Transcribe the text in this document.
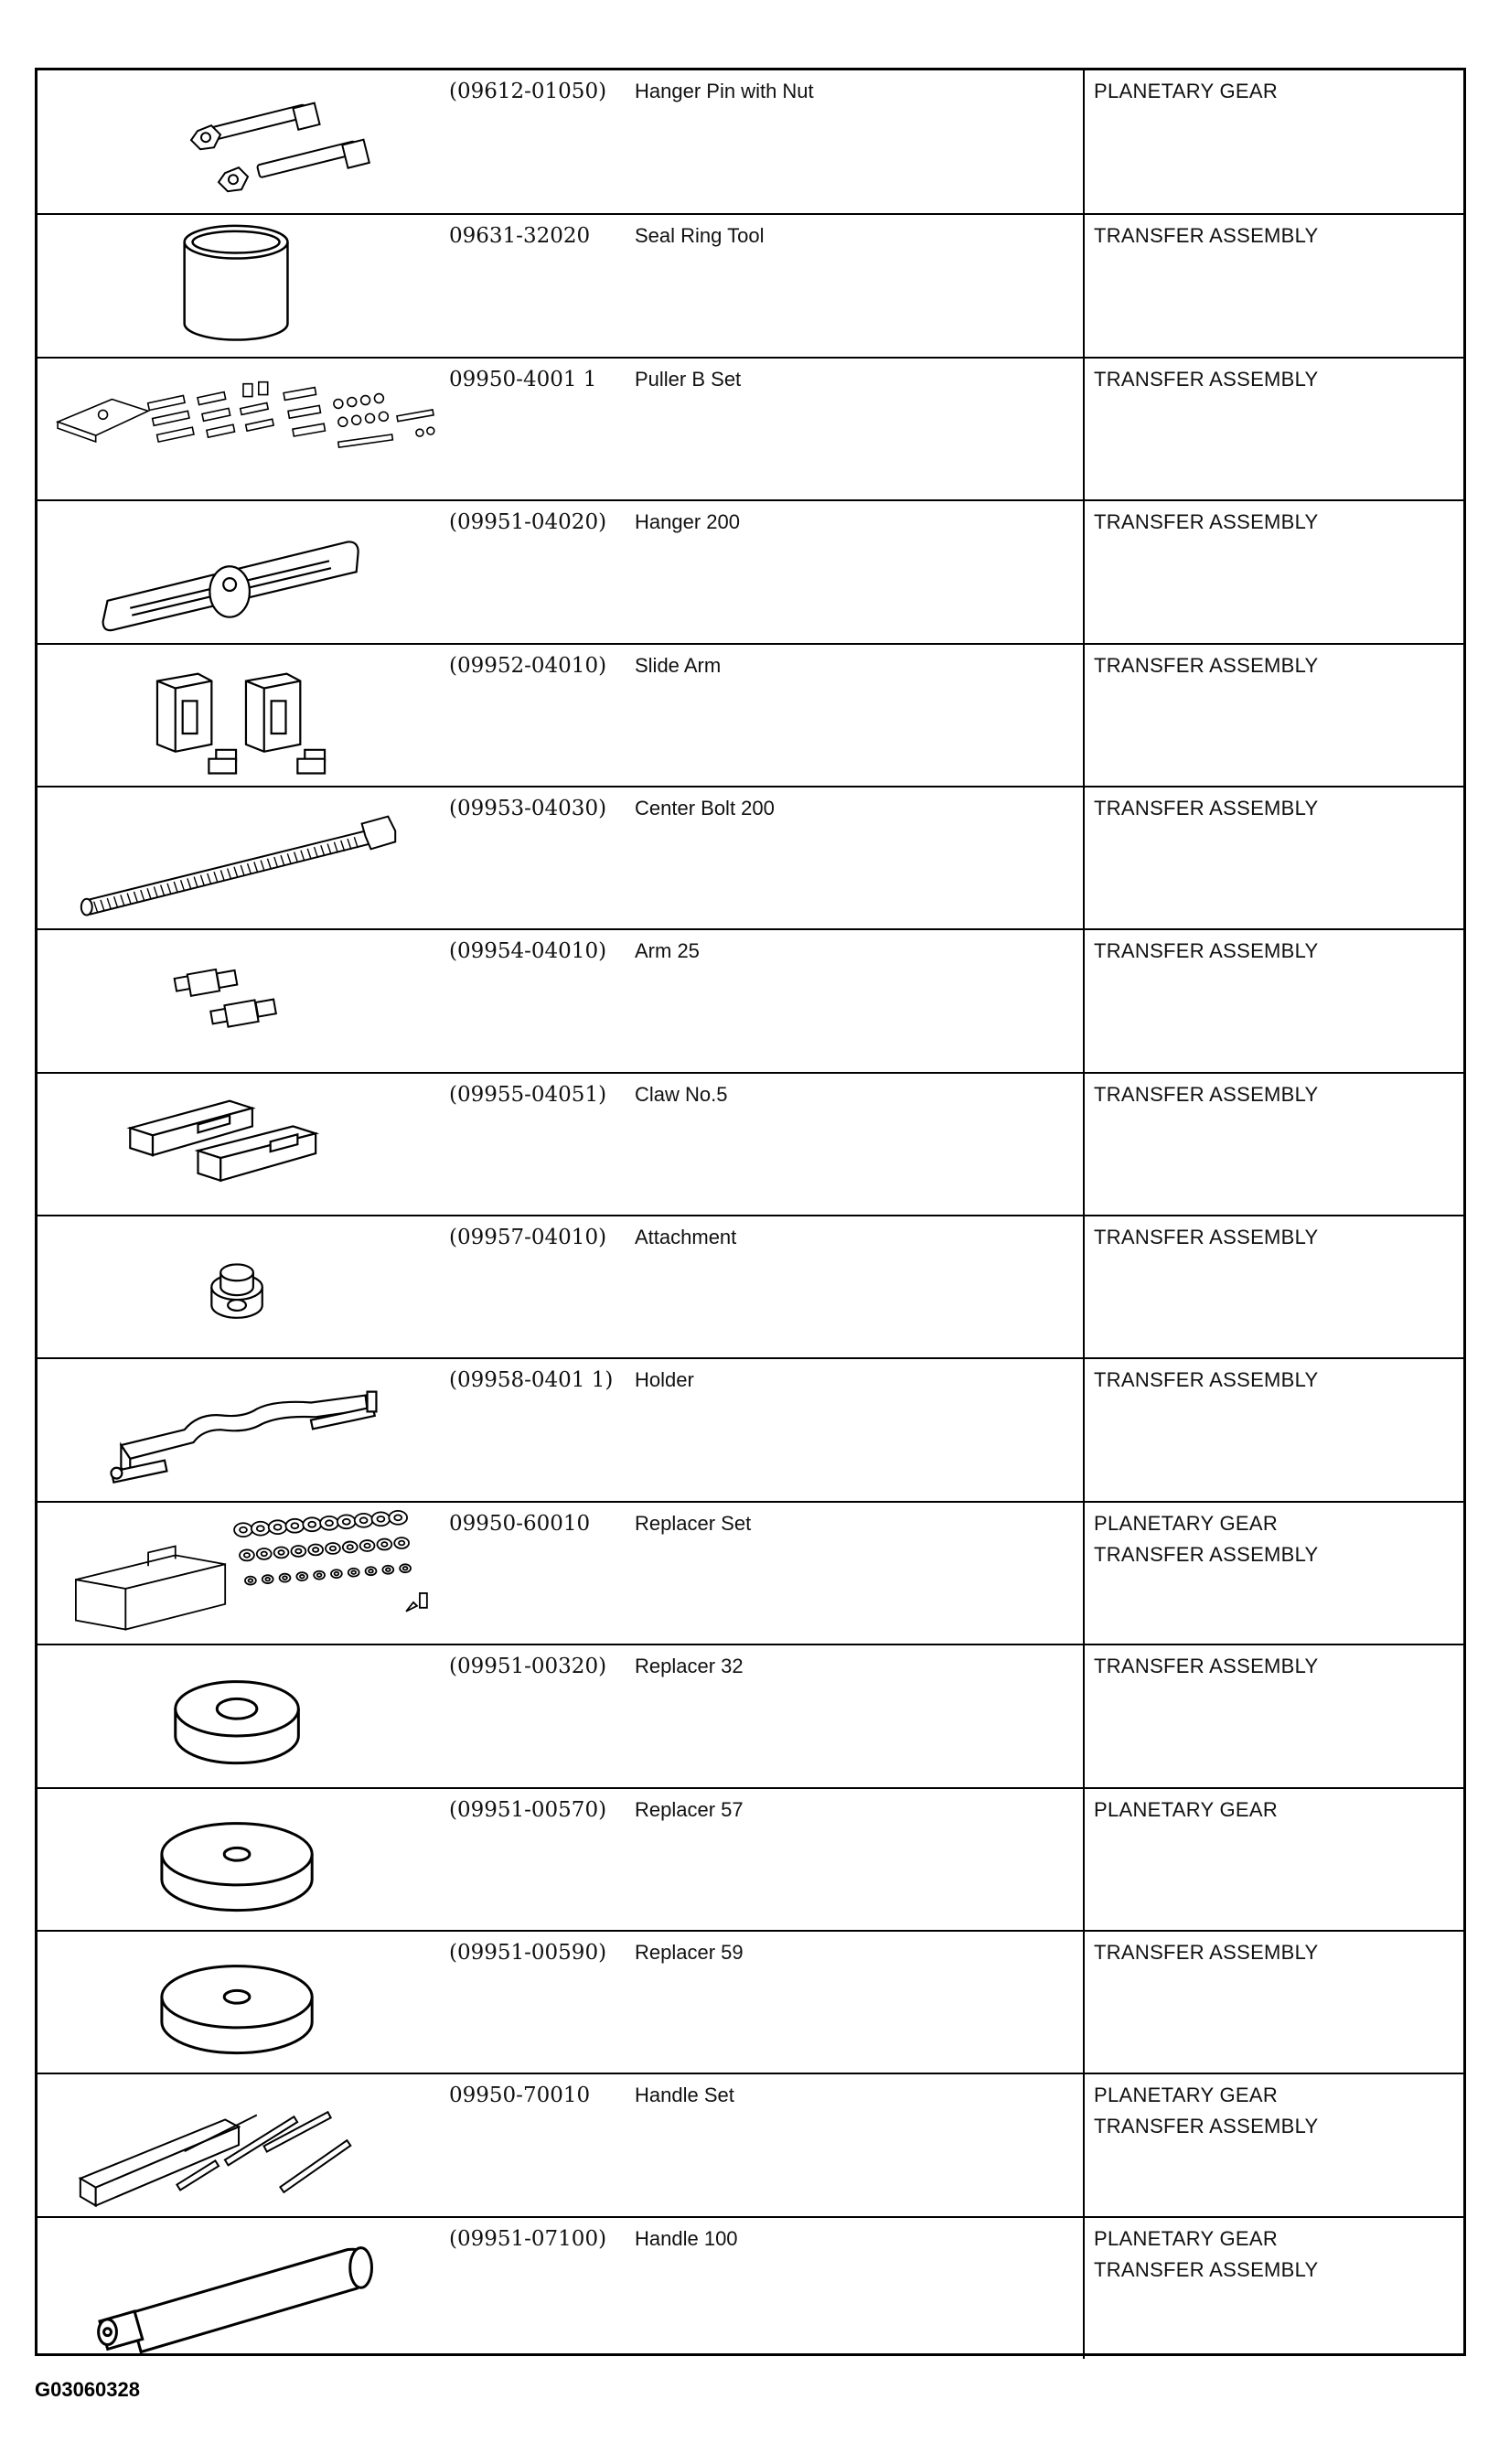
(09612-01050)	Hanger Pin with Nut	PLANETARY GEAR
09631-32020	Seal Ring Tool	TRANSFER ASSEMBLY
09950-4001 1	Puller B Set	TRANSFER ASSEMBLY
(09951-04020)	Hanger 200	TRANSFER ASSEMBLY
(09952-04010)	Slide Arm	TRANSFER ASSEMBLY
(09953-04030)	Center Bolt 200	TRANSFER ASSEMBLY
(09954-04010)	Arm 25	TRANSFER ASSEMBLY
(09955-04051)	Claw No.5	TRANSFER ASSEMBLY
(09957-04010)	Attachment	TRANSFER ASSEMBLY
(09958-0401 1)	Holder	TRANSFER ASSEMBLY
09950-60010	Replacer Set	PLANETARY GEAR
TRANSFER ASSEMBLY
(09951-00320)	Replacer 32	TRANSFER ASSEMBLY
(09951-00570)	Replacer 57	PLANETARY GEAR
(09951-00590)	Replacer 59	TRANSFER ASSEMBLY
09950-70010	Handle Set	PLANETARY GEAR
TRANSFER ASSEMBLY
(09951-07100)	Handle 100	PLANETARY GEAR
TRANSFER ASSEMBLY
G03060328
